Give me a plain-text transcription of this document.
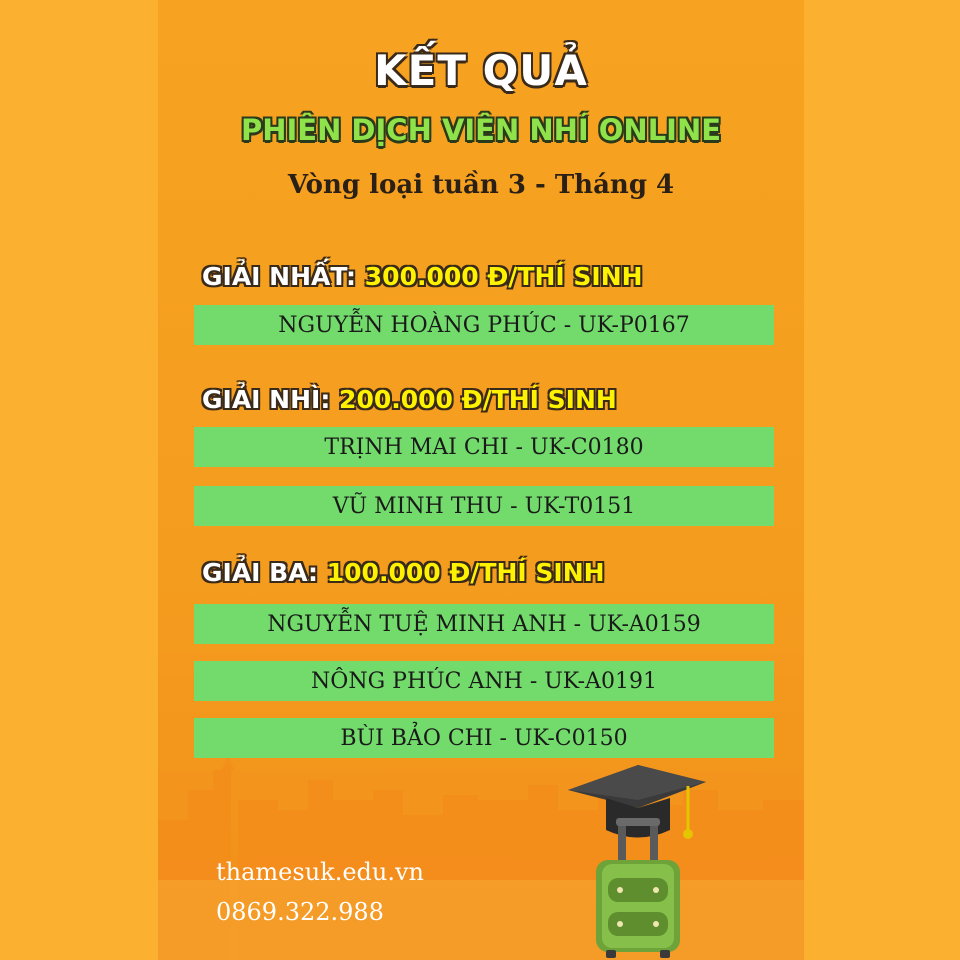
KẾT QUẢ
PHIÊN DỊCH VIÊN NHÍ ONLINE
Vòng loại tuần 3 - Tháng 4
GIẢI NHẤT: 300.000 Đ/THÍ SINH
NGUYỄN HOÀNG PHÚC - UK-P0167
GIẢI NHÌ: 200.000 Đ/THÍ SINH
TRỊNH MAI CHI - UK-C0180
VŨ MINH THU - UK-T0151
GIẢI BA: 100.000 Đ/THÍ SINH
NGUYỄN TUỆ MINH ANH - UK-A0159
NÔNG PHÚC ANH - UK-A0191
BÙI BẢO CHI - UK-C0150
thamesuk.edu.vn
0869.322.988
